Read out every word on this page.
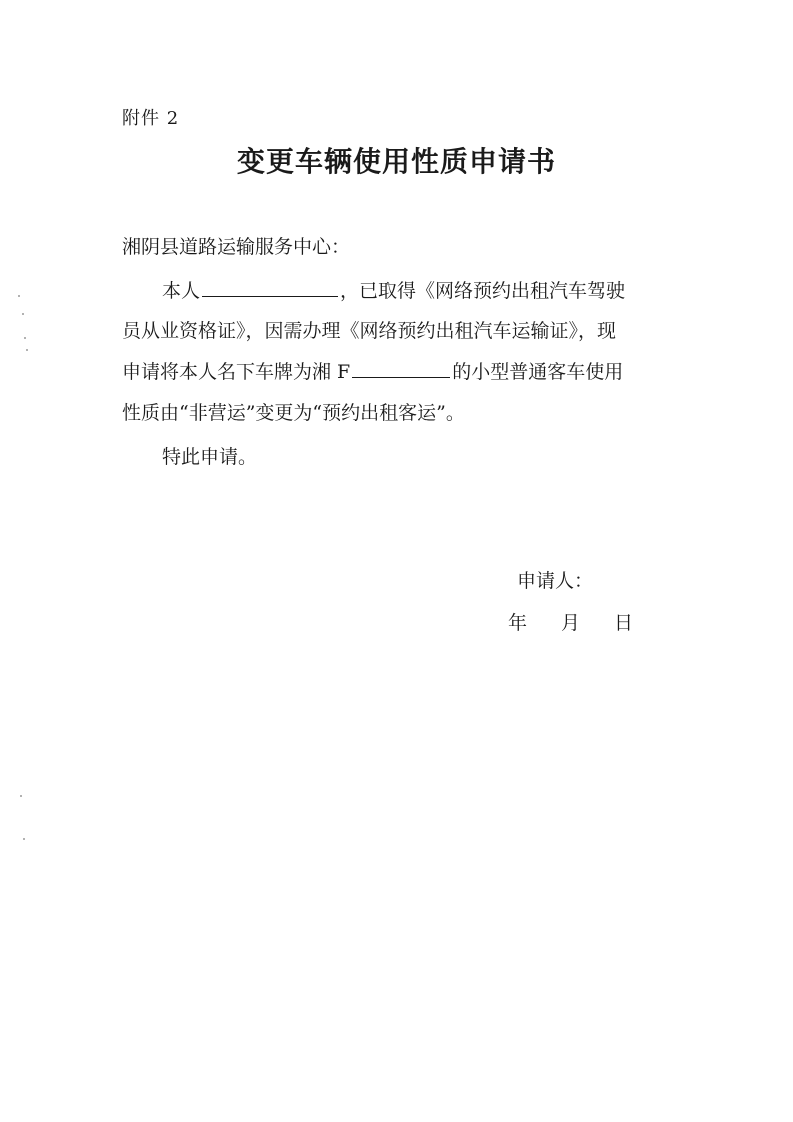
附件 2
变更车辆使用性质申请书
湘阴县道路运输服务中心：
本人	，已取得《网络预约出租汽车驾驶
员从业资格证》，因需办理《网络预约出租汽车运输证》，现
申请将本人名下车牌为湘 F	的小型普通客车使用
性质由“非营运”变更为“预约出租客运”。
特此申请。
申请人：
年 月 日
